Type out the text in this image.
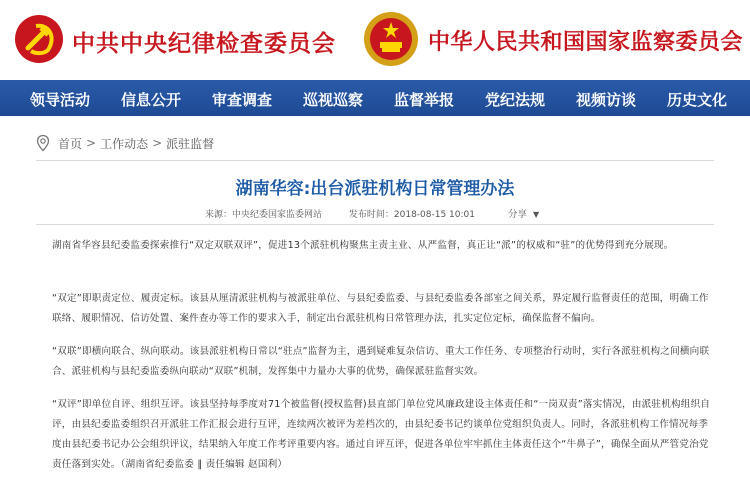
中共中央纪律检查委员会	中华人民共和国国家监察委员会
领导活动 信息公开 审查调查 巡视巡察 监督举报 党纪法规 视频访谈 历史文化
首页 > 工作动态 > 派驻监督
湖南华容:出台派驻机构日常管理办法
来源：中央纪委国家监委网站	发布时间：2018-08-15 10:01	分享 ▼
湖南省华容县纪委监委探索推行“双定双联双评”，促进13个派驻机构聚焦主责主业、从严监督，真正让“派”的权威和“驻”的优势得到充分展现。
“双定”即职责定位、履责定标。该县从厘清派驻机构与被派驻单位、与县纪委监委、与县纪委监委各部室之间关系，界定履行监督责任的范围，明确工作联络、履职情况、信访处置、案件查办等工作的要求入手，制定出台派驻机构日常管理办法，扎实定位定标，确保监督不偏向。
“双联”即横向联合、纵向联动。该县派驻机构日常以“驻点”监督为主，遇到疑难复杂信访、重大工作任务、专项整治行动时，实行各派驻机构之间横向联合、派驻机构与县纪委监委纵向联动“双联”机制，发挥集中力量办大事的优势，确保派驻监督实效。
“双评”即单位自评、组织互评。该县坚持每季度对71个被监督(授权监督)县直部门单位党风廉政建设主体责任和“一岗双责”落实情况，由派驻机构组织自评，由县纪委监委组织召开派驻工作汇报会进行互评，连续两次被评为差档次的，由县纪委书记约谈单位党组织负责人。同时，各派驻机构工作情况每季度由县纪委书记办公会组织评议，结果纳入年度工作考评重要内容。通过自评互评，促进各单位牢牢抓住主体责任这个“牛鼻子”，确保全面从严管党治党责任落到实处。（湖南省纪委监委 ‖ 责任编辑 赵国利）
